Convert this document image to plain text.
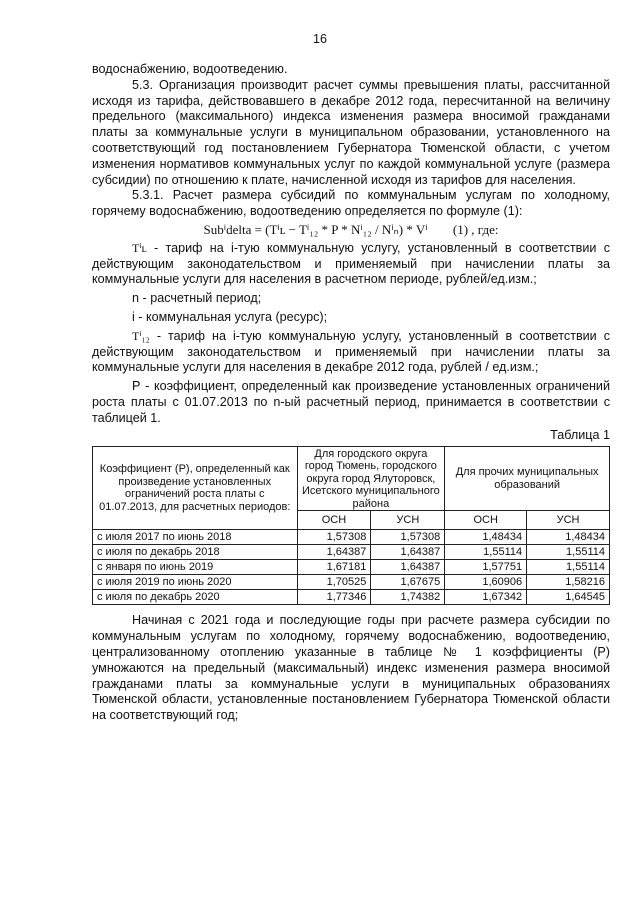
16

водоснабжению, водоотведению.

5.3. Организация производит расчет суммы превышения платы, рассчитанной исходя из тарифа, действовавшего в декабре 2012 года, пересчитанной на величину предельного (максимального) индекса изменения размера вносимой гражданами платы за коммунальные услуги в муниципальном образовании, установленного на соответствующий год постановлением Губернатора Тюменской области, с учетом изменения нормативов коммунальных услуг по каждой коммунальной услуге (размера субсидии) по отношению к плате, начисленной исходя из тарифов для населения.

5.3.1. Расчет размера субсидий по коммунальным услугам по холодному, горячему водоснабжению, водоотведению определяется по формуле (1):

Subⁱdelta = (Tⁱʟ − Tⁱ₁₂ * P * Nⁱ₁₂ / Nⁱₙ) * Vⁱ (1) , где:

Tⁱʟ - тариф на i-тую коммунальную услугу, установленный в соответствии с действующим законодательством и применяемый при начислении платы за коммунальные услуги для населения в расчетном периоде, рублей/ед.изм.;

n - расчетный период;

i - коммунальная услуга (ресурс);

Tⁱ₁₂ - тариф на i-тую коммунальную услугу, установленный в соответствии с действующим законодательством и применяемый при начислении платы за коммунальные услуги для населения в декабре 2012 года, рублей / ед.изм.;

Р - коэффициент, определенный как произведение установленных ограничений роста платы с 01.07.2013 по n-ый расчетный период, принимается в соответствии с таблицей 1.

Таблица 1
Коэффициент (Р), определенный как произведение установленных ограничений роста платы с 01.07.2013, для расчетных периодов:	Для городского округа город Тюмень, городского округа город Ялуторовск, Исетского муниципального района		Для прочих муниципальных образований	
	ОСН	УСН	ОСН	УСН
с июля 2017 по июнь 2018	1,57308	1,57308	1,48434	1,48434
с июля по декабрь 2018	1,64387	1,64387	1,55114	1,55114
с января по июнь 2019	1,67181	1,64387	1,57751	1,55114
с июля 2019 по июнь 2020	1,70525	1,67675	1,60906	1,58216
с июля по декабрь 2020	1,77346	1,74382	1,67342	1,64545

Начиная с 2021 года и последующие годы при расчете размера субсидии по коммунальным услугам по холодному, горячему водоснабжению, водоотведению, централизованному отоплению указанные в таблице № 1 коэффициенты (Р) умножаются на предельный (максимальный) индекс изменения размера вносимой гражданами платы за коммунальные услуги в муниципальных образованиях Тюменской области, установленные постановлением Губернатора Тюменской области на соответствующий год;
